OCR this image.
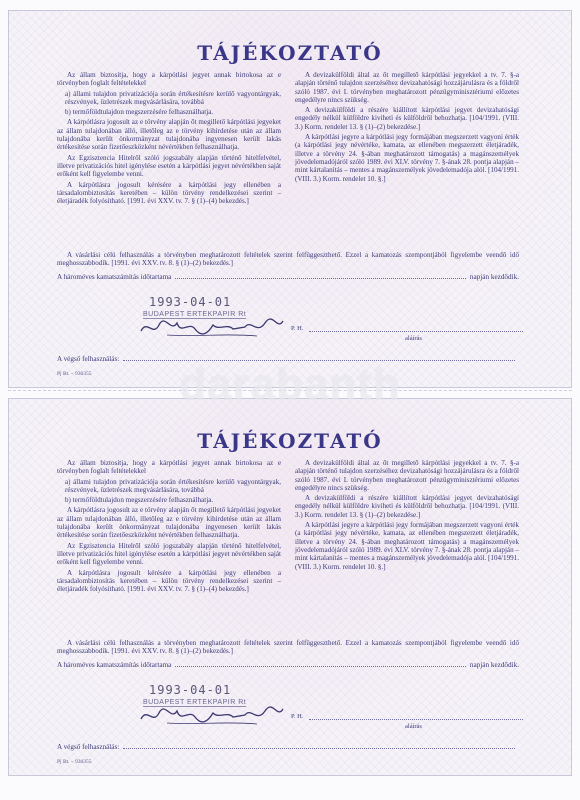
TÁJÉKOZTATÓ

Az állam biztosítja, hogy a kárpótlási jegyet annak birtokosa az e törvényben foglalt feltételekkel

a) állami tulajdon privatizációja során értékesítésre kerülő vagyontárgyak, részvények, üzletrészek megvásárlására, továbbá

b) termőföldtulajdon megszerzésére felhasználhatja.

A kárpótlásra jogosult az e törvény alapján őt megillető kárpótlási jegyeket az állam tulajdonában álló, illetőleg az e törvény kihirdetése után az állam tulajdonába került önkormányzat tulajdonába ingyenesen került lakás értékesítése során fizetőeszközként névértékben felhasználhatja.

Az Egzisztencia Hitelről szóló jogszabály alapján történő hitelfelvétel, illetve privatizációs hitel igénylése esetén a kárpótlási jegyet névértékben saját erőként kell figyelembe venni.

A kárpótlásra jogosult kérésére a kárpótlási jegy ellenében a társadalombiztosítás keretében – külön törvény rendelkezései szerint – életjáradék folyósítható. [1991. évi XXV. tv. 7. § (1)–(4) bekezdés.]

A devizakülföldi által az őt megillető kárpótlási jegyekkel a tv. 7. §-a alapján történő tulajdon szerzéséhez devizahatósági hozzájárulásra és a földről szóló 1987. évi I. törvényben meghatározott pénzügyminisztériumi előzetes engedélyre nincs szükség.

A devizakülföldi a részére kiállított kárpótlási jegyet devizahatósági engedély nélkül külföldre kiviheti és külföldről behozhatja. [104/1991. (VIII. 3.) Korm. rendelet 13. § (1)–(2) bekezdése.]

A kárpótlási jegyre a kárpótlási jegy formájában megszerzett vagyoni érték (a kárpótlási jegy névértéke, kamata, az ellenében megszerzett életjáradék, illetve a törvény 24. §-ában meghatározott támogatás) a magánszemélyek jövedelemadójáról szóló 1989. évi XLV. törvény 7. §-ának 28. pontja alapján – mint kártalanítás – mentes a magánszemélyek jövedelemadója alól. [104/1991. (VIII. 3.) Korm. rendelet 10. §.]

A vásárlási célú felhasználás a törvényben meghatározott feltételek szerint felfüggeszthető. Ezzel a kamatozás szempontjából figyelembe veendő idő meghosszabbodik. [1991. évi XXV. tv. 8. § (1)–(2) bekezdés.]
A hároméves kamatszámítás időtartama	napján kezdődik.
1993-04-01
BUDAPEST ERTEKPAPIR Rt
P. H.
aláírás
A végső felhasználás:
Pj Bt. – 930355
TÁJÉKOZTATÓ

Az állam biztosítja, hogy a kárpótlási jegyet annak birtokosa az e törvényben foglalt feltételekkel

a) állami tulajdon privatizációja során értékesítésre kerülő vagyontárgyak, részvények, üzletrészek megvásárlására, továbbá

b) termőföldtulajdon megszerzésére felhasználhatja.

A kárpótlásra jogosult az e törvény alapján őt megillető kárpótlási jegyeket az állam tulajdonában álló, illetőleg az e törvény kihirdetése után az állam tulajdonába került önkormányzat tulajdonába ingyenesen került lakás értékesítése során fizetőeszközként névértékben felhasználhatja.

Az Egzisztencia Hitelről szóló jogszabály alapján történő hitelfelvétel, illetve privatizációs hitel igénylése esetén a kárpótlási jegyet névértékben saját erőként kell figyelembe venni.

A kárpótlásra jogosult kérésére a kárpótlási jegy ellenében a társadalombiztosítás keretében – külön törvény rendelkezései szerint – életjáradék folyósítható. [1991. évi XXV. tv. 7. § (1)–(4) bekezdés.]

A devizakülföldi által az őt megillető kárpótlási jegyekkel a tv. 7. §-a alapján történő tulajdon szerzéséhez devizahatósági hozzájárulásra és a földről szóló 1987. évi I. törvényben meghatározott pénzügyminisztériumi előzetes engedélyre nincs szükség.

A devizakülföldi a részére kiállított kárpótlási jegyet devizahatósági engedély nélkül külföldre kiviheti és külföldről behozhatja. [104/1991. (VIII. 3.) Korm. rendelet 13. § (1)–(2) bekezdése.]

A kárpótlási jegyre a kárpótlási jegy formájában megszerzett vagyoni érték (a kárpótlási jegy névértéke, kamata, az ellenében megszerzett életjáradék, illetve a törvény 24. §-ában meghatározott támogatás) a magánszemélyek jövedelemadójáról szóló 1989. évi XLV. törvény 7. §-ának 28. pontja alapján – mint kártalanítás – mentes a magánszemélyek jövedelemadója alól. [104/1991. (VIII. 3.) Korm. rendelet 10. §.]

A vásárlási célú felhasználás a törvényben meghatározott feltételek szerint felfüggeszthető. Ezzel a kamatozás szempontjából figyelembe veendő idő meghosszabbodik. [1991. évi XXV. tv. 8. § (1)–(2) bekezdés.]
A hároméves kamatszámítás időtartama	napján kezdődik.
1993-04-01
BUDAPEST ERTEKPAPIR Rt
P. H.
aláírás
A végső felhasználás:
Pj Bt. – 930355
darabanth
